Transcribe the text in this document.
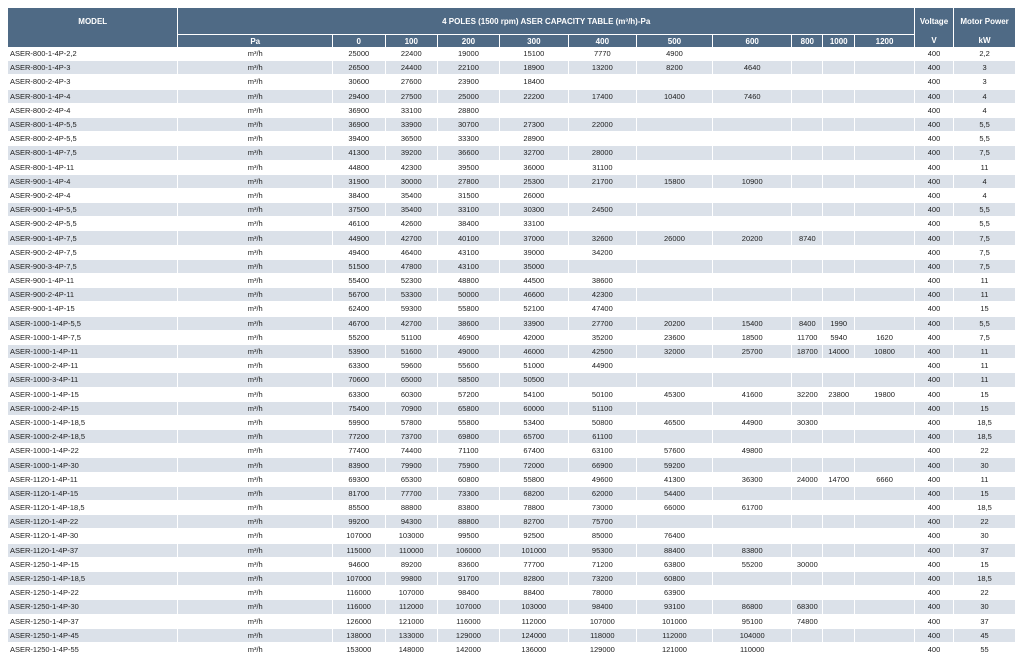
MODEL	4 POLES (1500 rpm) ASER CAPACITY TABLE (m³/h)-Pa											Voltage	Motor Power
	Pa	0	100	200	300	400	500	600	800	1000	1200	V	kW
ASER-800-1-4P-2,2	m³/h	25000	22400	19000	15100	7770	4900					400	2,2
ASER-800-1-4P-3	m³/h	26500	24400	22100	18900	13200	8200	4640				400	3
ASER-800-2-4P-3	m³/h	30600	27600	23900	18400							400	3
ASER-800-1-4P-4	m³/h	29400	27500	25000	22200	17400	10400	7460				400	4
ASER-800-2-4P-4	m³/h	36900	33100	28800								400	4
ASER-800-1-4P-5,5	m³/h	36900	33900	30700	27300	22000						400	5,5
ASER-800-2-4P-5,5	m³/h	39400	36500	33300	28900							400	5,5
ASER-800-1-4P-7,5	m³/h	41300	39200	36600	32700	28000						400	7,5
ASER-800-1-4P-11	m³/h	44800	42300	39500	36000	31100						400	11
ASER-900-1-4P-4	m³/h	31900	30000	27800	25300	21700	15800	10900				400	4
ASER-900-2-4P-4	m³/h	38400	35400	31500	26000							400	4
ASER-900-1-4P-5,5	m³/h	37500	35400	33100	30300	24500						400	5,5
ASER-900-2-4P-5,5	m³/h	46100	42600	38400	33100							400	5,5
ASER-900-1-4P-7,5	m³/h	44900	42700	40100	37000	32600	26000	20200	8740			400	7,5
ASER-900-2-4P-7,5	m³/h	49400	46400	43100	39000	34200						400	7,5
ASER-900-3-4P-7,5	m³/h	51500	47800	43100	35000							400	7,5
ASER-900-1-4P-11	m³/h	55400	52300	48800	44500	38600						400	11
ASER-900-2-4P-11	m³/h	56700	53300	50000	46600	42300						400	11
ASER-900-1-4P-15	m³/h	62400	59300	55800	52100	47400						400	15
ASER-1000-1-4P-5,5	m³/h	46700	42700	38600	33900	27700	20200	15400	8400	1990		400	5,5
ASER-1000-1-4P-7,5	m³/h	55200	51100	46900	42000	35200	23600	18500	11700	5940	1620	400	7,5
ASER-1000-1-4P-11	m³/h	53900	51600	49000	46000	42500	32000	25700	18700	14000	10800	400	11
ASER-1000-2-4P-11	m³/h	63300	59600	55600	51000	44900						400	11
ASER-1000-3-4P-11	m³/h	70600	65000	58500	50500							400	11
ASER-1000-1-4P-15	m³/h	63300	60300	57200	54100	50100	45300	41600	32200	23800	19800	400	15
ASER-1000-2-4P-15	m³/h	75400	70900	65800	60000	51100						400	15
ASER-1000-1-4P-18,5	m³/h	59900	57800	55800	53400	50800	46500	44900	30300			400	18,5
ASER-1000-2-4P-18,5	m³/h	77200	73700	69800	65700	61100						400	18,5
ASER-1000-1-4P-22	m³/h	77400	74400	71100	67400	63100	57600	49800				400	22
ASER-1000-1-4P-30	m³/h	83900	79900	75900	72000	66900	59200					400	30
ASER-1120-1-4P-11	m³/h	69300	65300	60800	55800	49600	41300	36300	24000	14700	6660	400	11
ASER-1120-1-4P-15	m³/h	81700	77700	73300	68200	62000	54400					400	15
ASER-1120-1-4P-18,5	m³/h	85500	88800	83800	78800	73000	66000	61700				400	18,5
ASER-1120-1-4P-22	m³/h	99200	94300	88800	82700	75700						400	22
ASER-1120-1-4P-30	m³/h	107000	103000	99500	92500	85000	76400					400	30
ASER-1120-1-4P-37	m³/h	115000	110000	106000	101000	95300	88400	83800				400	37
ASER-1250-1-4P-15	m³/h	94600	89200	83600	77700	71200	63800	55200	30000			400	15
ASER-1250-1-4P-18,5	m³/h	107000	99800	91700	82800	73200	60800					400	18,5
ASER-1250-1-4P-22	m³/h	116000	107000	98400	88400	78000	63900					400	22
ASER-1250-1-4P-30	m³/h	116000	112000	107000	103000	98400	93100	86800	68300			400	30
ASER-1250-1-4P-37	m³/h	126000	121000	116000	112000	107000	101000	95100	74800			400	37
ASER-1250-1-4P-45	m³/h	138000	133000	129000	124000	118000	112000	104000				400	45
ASER-1250-1-4P-55	m³/h	153000	148000	142000	136000	129000	121000	110000				400	55
